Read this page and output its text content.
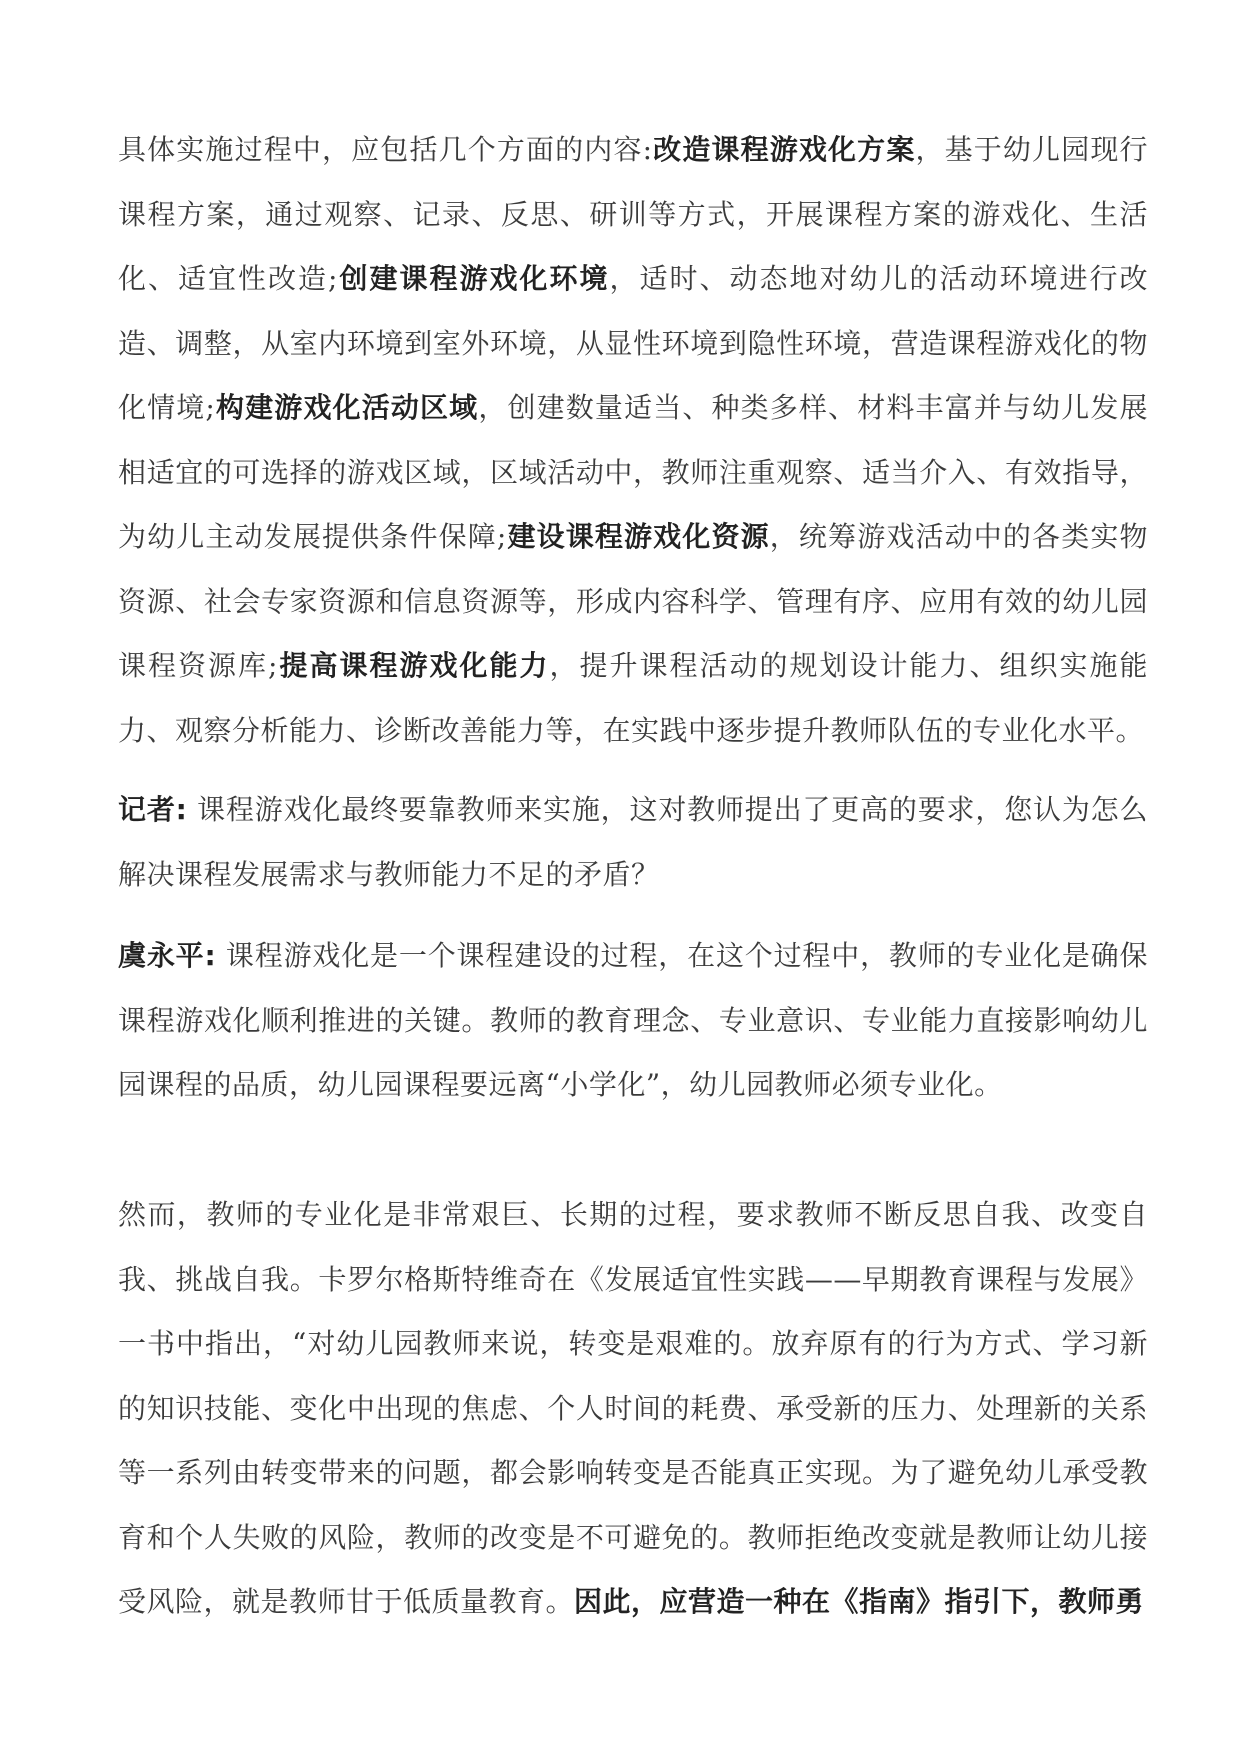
具体实施过程中，应包括几个方面的内容:改造课程游戏化方案，基于幼儿园现行课程方案，通过观察、记录、反思、研训等方式，开展课程方案的游戏化、生活化、适宜性改造;创建课程游戏化环境，适时、动态地对幼儿的活动环境进行改造、调整，从室内环境到室外环境，从显性环境到隐性环境，营造课程游戏化的物化情境;构建游戏化活动区域，创建数量适当、种类多样、材料丰富并与幼儿发展相适宜的可选择的游戏区域，区域活动中，教师注重观察、适当介入、有效指导，为幼儿主动发展提供条件保障;建设课程游戏化资源，统筹游戏活动中的各类实物资源、社会专家资源和信息资源等，形成内容科学、管理有序、应用有效的幼儿园课程资源库;提高课程游戏化能力，提升课程活动的规划设计能力、组织实施能力、观察分析能力、诊断改善能力等，在实践中逐步提升教师队伍的专业化水平。

记者: 课程游戏化最终要靠教师来实施，这对教师提出了更高的要求，您认为怎么解决课程发展需求与教师能力不足的矛盾？

虞永平: 课程游戏化是一个课程建设的过程，在这个过程中，教师的专业化是确保课程游戏化顺利推进的关键。教师的教育理念、专业意识、专业能力直接影响幼儿园课程的品质，幼儿园课程要远离“小学化”，幼儿园教师必须专业化。

然而，教师的专业化是非常艰巨、长期的过程，要求教师不断反思自我、改变自我、挑战自我。卡罗尔格斯特维奇在《发展适宜性实践——早期教育课程与发展》一书中指出，“对幼儿园教师来说，转变是艰难的。放弃原有的行为方式、学习新的知识技能、变化中出现的焦虑、个人时间的耗费、承受新的压力、处理新的关系等一系列由转变带来的问题，都会影响转变是否能真正实现。为了避免幼儿承受教育和个人失败的风险，教师的改变是不可避免的。教师拒绝改变就是教师让幼儿接受风险，就是教师甘于低质量教育。因此，应营造一种在《指南》指引下，教师勇
